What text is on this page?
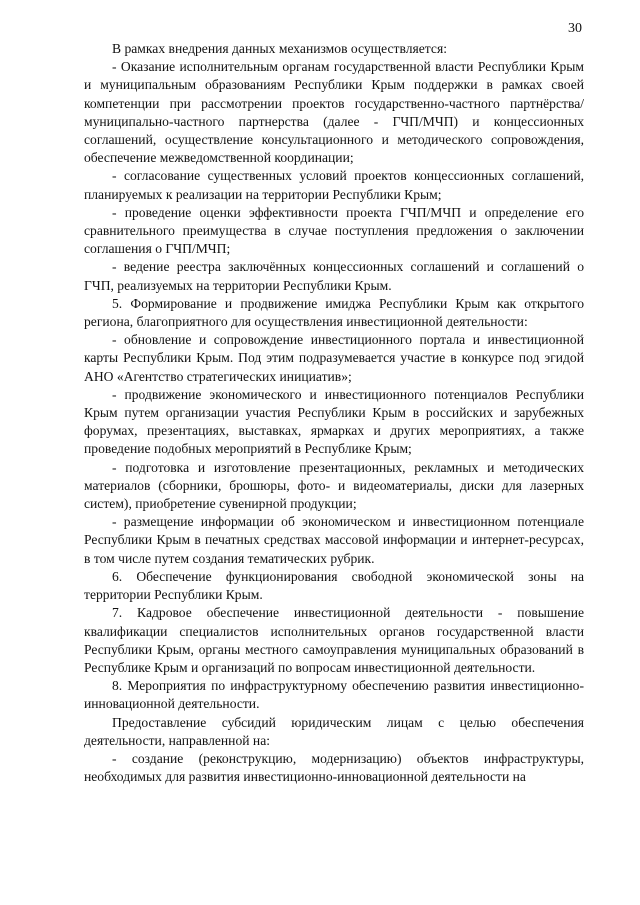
30

В рамках внедрения данных механизмов осуществляется:

- Оказание исполнительным органам государственной власти Республики Крым и муниципальным образованиям Республики Крым поддержки в рамках своей компетенции при рассмотрении проектов государственно-частного партнёрства/муниципально-частного партнерства (далее - ГЧП/МЧП) и концессионных соглашений, осуществление консультационного и методического сопровождения, обеспечение межведомственной координации;

- согласование существенных условий проектов концессионных соглашений, планируемых к реализации на территории Республики Крым;

- проведение оценки эффективности проекта ГЧП/МЧП и определение его сравнительного преимущества в случае поступления предложения о заключении соглашения о ГЧП/МЧП;

- ведение реестра заключённых концессионных соглашений и соглашений о ГЧП, реализуемых на территории Республики Крым.

5. Формирование и продвижение имиджа Республики Крым как открытого региона, благоприятного для осуществления инвестиционной деятельности:

- обновление и сопровождение инвестиционного портала и инвестиционной карты Республики Крым. Под этим подразумевается участие в конкурсе под эгидой АНО «Агентство стратегических инициатив»;

- продвижение экономического и инвестиционного потенциалов Республики Крым путем организации участия Республики Крым в российских и зарубежных форумах, презентациях, выставках, ярмарках и других мероприятиях, а также проведение подобных мероприятий в Республике Крым;

- подготовка и изготовление презентационных, рекламных и методических материалов (сборники, брошюры, фото- и видеоматериалы, диски для лазерных систем), приобретение сувенирной продукции;

- размещение информации об экономическом и инвестиционном потенциале Республики Крым в печатных средствах массовой информации и интернет-ресурсах, в том числе путем создания тематических рубрик.

6. Обеспечение функционирования свободной экономической зоны на территории Республики Крым.

7. Кадровое обеспечение инвестиционной деятельности - повышение квалификации специалистов исполнительных органов государственной власти Республики Крым, органы местного самоуправления муниципальных образований в Республике Крым и организаций по вопросам инвестиционной деятельности.

8. Мероприятия по инфраструктурному обеспечению развития инвестиционно-инновационной деятельности.

Предоставление субсидий юридическим лицам с целью обеспечения деятельности, направленной на:

- создание (реконструкцию, модернизацию) объектов инфраструктуры, необходимых для развития инвестиционно-инновационной деятельности на
